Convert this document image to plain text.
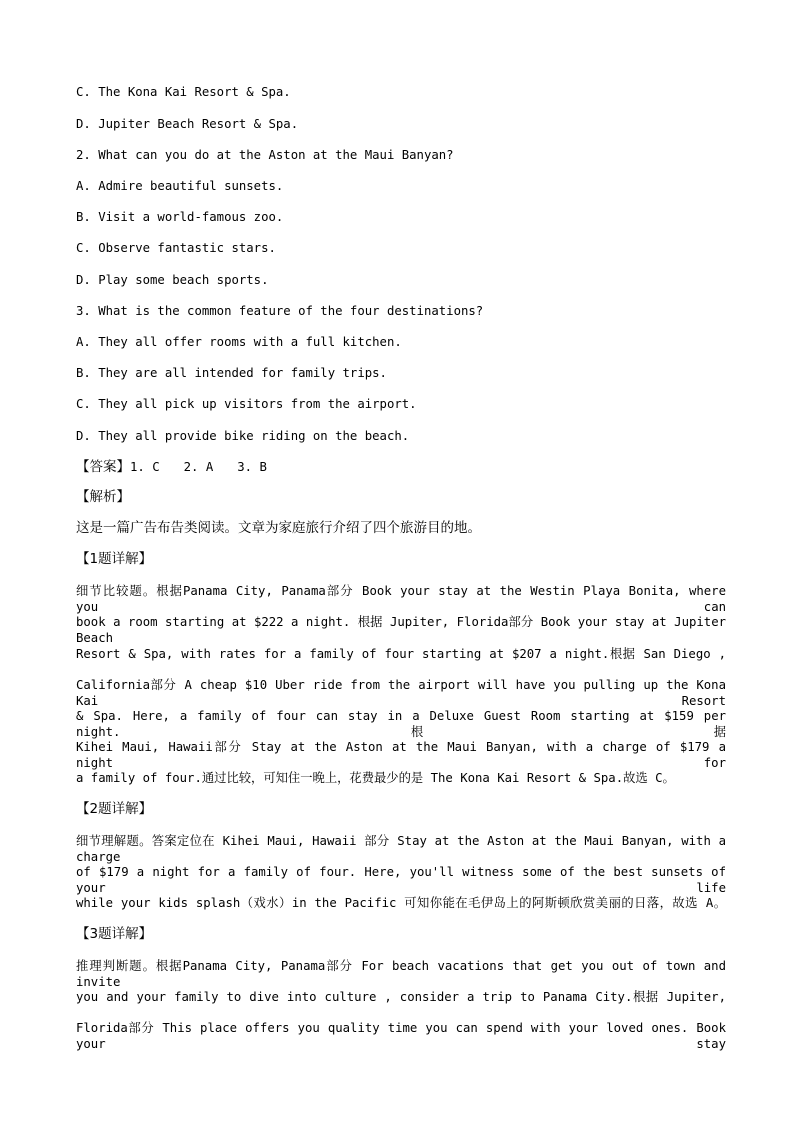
C. The Kona Kai Resort & Spa.
D. Jupiter Beach Resort & Spa.
2. What can you do at the Aston at the Maui Banyan?
A. Admire beautiful sunsets.
B. Visit a world-famous zoo.
C. Observe fantastic stars.
D. Play some beach sports.
3. What is the common feature of the four destinations?
A. They all offer rooms with a full kitchen.
B. They are all intended for family trips.
C. They all pick up visitors from the airport.
D. They all provide bike riding on the beach.
【答案】1. C 2. A 3. B
【解析】
这是一篇广告布告类阅读。文章为家庭旅行介绍了四个旅游目的地。
【1题详解】
细节比较题。根据Panama City, Panama部分 Book your stay at the Westin Playa Bonita, where you can
book a room starting at $222 a night. 根据 Jupiter, Florida部分 Book your stay at Jupiter Beach
Resort & Spa, with rates for a family of four starting at $207 a night.根据 San Diego ,
California部分 A cheap $10 Uber ride from the airport will have you pulling up the Kona Kai Resort
& Spa. Here, a family of four can stay in a Deluxe Guest Room starting at $159 per night.根据
Kihei Maui, Hawaii部分 Stay at the Aston at the Maui Banyan, with a charge of $179 a night for
a family of four.通过比较，可知住一晚上，花费最少的是 The Kona Kai Resort & Spa.故选 C。
【2题详解】
细节理解题。答案定位在 Kihei Maui, Hawaii 部分 Stay at the Aston at the Maui Banyan, with a charge
of $179 a night for a family of four. Here, you'll witness some of the best sunsets of your life
while your kids splash（戏水）in the Pacific 可知你能在毛伊岛上的阿斯顿欣赏美丽的日落，故选 A。
【3题详解】
推理判断题。根据Panama City, Panama部分 For beach vacations that get you out of town and invite
you and your family to dive into culture , consider a trip to Panama City.根据 Jupiter,
Florida部分 This place offers you quality time you can spend with your loved ones. Book your stay
